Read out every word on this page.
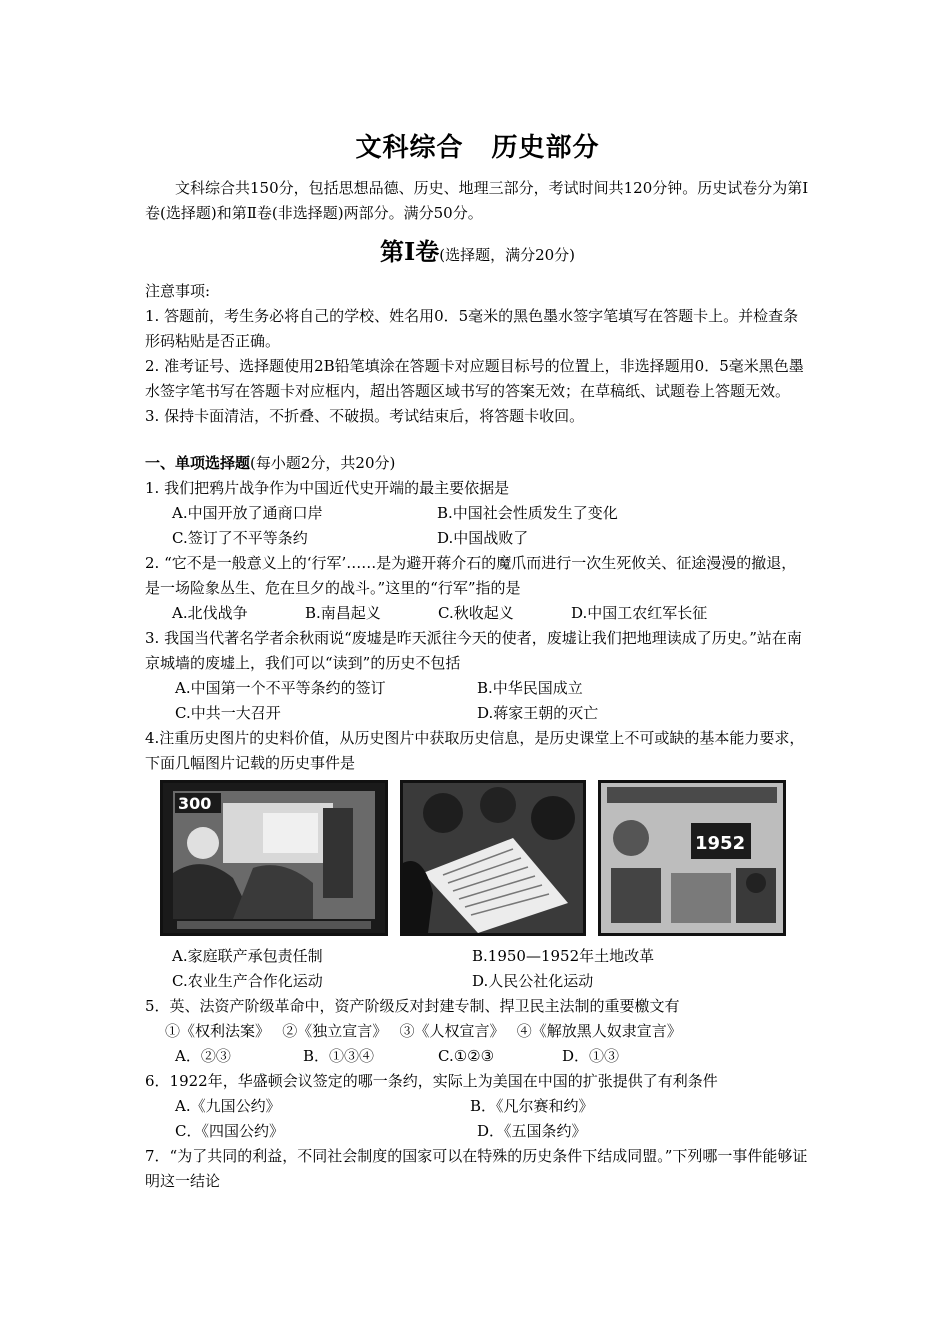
文科综合 历史部分

文科综合共150分，包括思想品德、历史、地理三部分，考试时间共120分钟。历史试卷分为第Ⅰ卷(选择题)和第Ⅱ卷(非选择题)两部分。满分50分。

第Ⅰ卷(选择题，满分20分)

注意事项:

1. 答题前，考生务必将自己的学校、姓名用0．5毫米的黑色墨水签字笔填写在答题卡上。并检查条形码粘贴是否正确。

2. 准考证号、选择题使用2B铅笔填涂在答题卡对应题目标号的位置上，非选择题用0．5毫米黑色墨水签字笔书写在答题卡对应框内，超出答题区域书写的答案无效；在草稿纸、试题卷上答题无效。

3. 保持卡面清洁，不折叠、不破损。考试结束后，将答题卡收回。

一、单项选择题(每小题2分，共20分)

1. 我们把鸦片战争作为中国近代史开端的最主要依据是

A.中国开放了通商口岸	B.中国社会性质发生了变化
C.签订了不平等条约	D.中国战败了

2. “它不是一般意义上的‘行军’……是为避开蒋介石的魔爪而进行一次生死攸关、征途漫漫的撤退，是一场险象丛生、危在旦夕的战斗。”这里的“行军”指的是

A.北伐战争	B.南昌起义	C.秋收起义	D.中国工农红军长征

3. 我国当代著名学者余秋雨说“废墟是昨天派往今天的使者，废墟让我们把地理读成了历史。”站在南京城墙的废墟上，我们可以“读到”的历史不包括

A.中国第一个不平等条约的签订	B.中华民国成立
C.中共一大召开	D.蒋家王朝的灭亡

4.注重历史图片的史料价值，从历史图片中获取历史信息，是历史课堂上不可或缺的基本能力要求，下面几幅图片记载的历史事件是

300
1952
A.家庭联产承包责任制	B.1950—1952年土地改革
C.农业生产合作化运动	D.人民公社化运动

5．英、法资产阶级革命中，资产阶级反对封建专制、捍卫民主法制的重要檄文有

①《权利法案》　 ②《独立宣言》　 ③《人权宣言》　 ④《解放黑人奴隶宣言》

A．②③	B．①③④	C.①②③	D．①③

6．1922年，华盛顿会议签定的哪一条约，实际上为美国在中国的扩张提供了有利条件

A.《九国公约》	B．《凡尔赛和约》
C．《四国公约》	D．《五国条约》

7．“为了共同的利益，不同社会制度的国家可以在特殊的历史条件下结成同盟。”下列哪一事件能够证明这一结论
